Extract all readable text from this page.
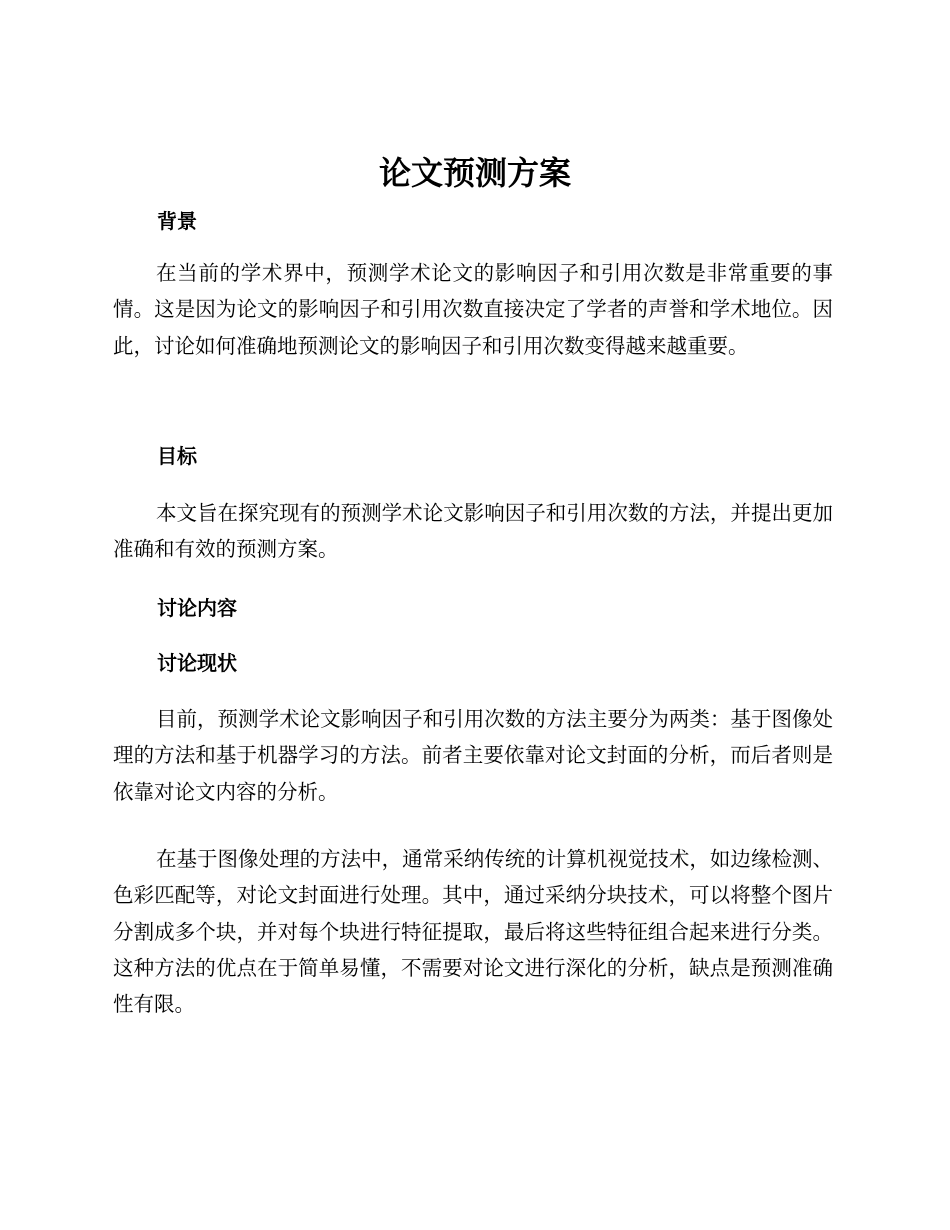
论文预测方案
背景

在当前的学术界中，预测学术论文的影响因子和引用次数是非常重要的事情。这是因为论文的影响因子和引用次数直接决定了学者的声誉和学术地位。因此，讨论如何准确地预测论文的影响因子和引用次数变得越来越重要。

目标

本文旨在探究现有的预测学术论文影响因子和引用次数的方法，并提出更加准确和有效的预测方案。

讨论内容
讨论现状

目前，预测学术论文影响因子和引用次数的方法主要分为两类：基于图像处理的方法和基于机器学习的方法。前者主要依靠对论文封面的分析，而后者则是依靠对论文内容的分析。

在基于图像处理的方法中，通常采纳传统的计算机视觉技术，如边缘检测、色彩匹配等，对论文封面进行处理。其中，通过采纳分块技术，可以将整个图片分割成多个块，并对每个块进行特征提取，最后将这些特征组合起来进行分类。这种方法的优点在于简单易懂，不需要对论文进行深化的分析，缺点是预测准确性有限。
